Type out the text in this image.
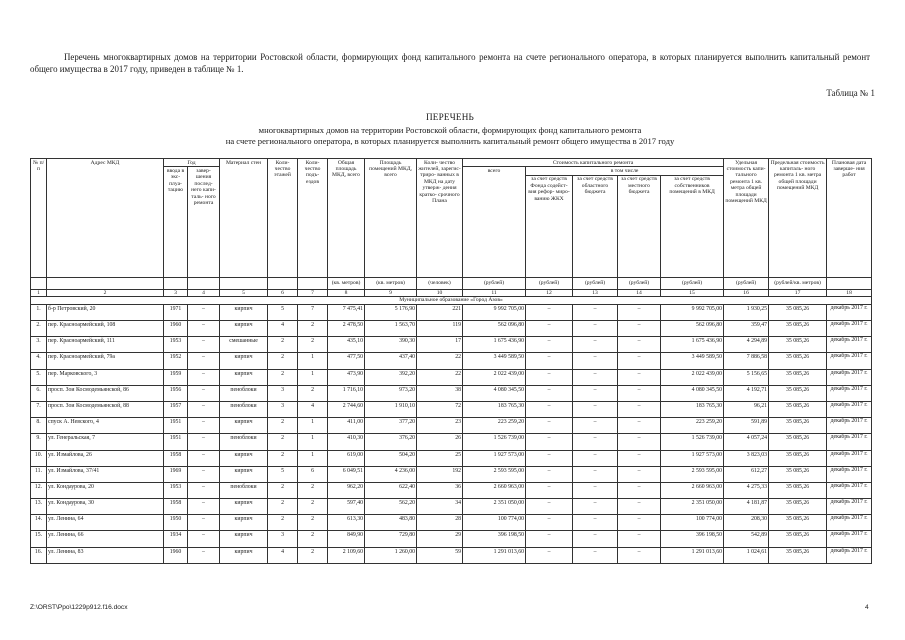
Перечень многоквартирных домов на территории Ростовской области, формирующих фонд капитального ремонта на счете регионального оператора, в которых планируется выполнить капитальный ремонт общего имущества в 2017 году, приведен в таблице № 1.

Таблица № 1

ПЕРЕЧЕНЬ

многоквартирных домов на территории Ростовской области, формирующих фонд капитального ремонта
на счете регионального оператора, в которых планируется выполнить капитальный ремонт общего имущества в 2017 году

№ п/п	Адрес МКД	Год		Материал стен	Коли- чество этажей	Коли- чество подъ- ездов	Общая площадь МКД, всего	Площадь помещений МКД, всего	Коли- чество жителей, зарегис- триро- ванных в МКД на дату утверж- дения кратко- срочного Плана	Стоимость капитального ремонта					Удельная стоимость капи- тального ремонта 1 кв. метра общей площади помещений МКД	Предельная стоимость капиталь- ного ремонта 1 кв. метра общей площади помещений МКД	Плановая дата заверше- ния работ
		ввода в экс- плуа- тацию	завер- шения послед- него капи- таль- ного ремонта							всего	в том числе						
											за счет средств Фонда содейст- вия рефор- миро- ванию ЖКХ	за счет средств областного бюджета	за счет средств местного бюджета	за счет средств собственников помещений в МКД			
							(кв. метров)	(кв. метров)	(человек)	(рублей)	(рублей)	(рублей)	(рублей)	(рублей)	(рублей)	(рублей/кв. метров)	
1	2	3	4	5	6	7	8	9	10	11	12	13	14	15	16	17	18
Муниципальное образование «Город Азов»																	
1.	б-р Петровский, 20	1971	–	кирпич	5	7	7 475,41	5 176,90	221	9 992 705,00	–	–	–	9 992 705,00	1 930,25	35 085,26	декабрь 2017 г.
2.	пер. Красноармейский, 108	1960	–	кирпич	4	2	2 478,50	1 563,70	119	562 096,80	–	–	–	562 096,80	359,47	35 085,26	декабрь 2017 г.
3.	пер. Красноармейский, 111	1953	–	смешанные	2	2	435,10	390,30	17	1 675 436,90	–	–	–	1 675 436,90	4 294,89	35 085,26	декабрь 2017 г.
4.	пер. Красноармейский, 79а	1952	–	кирпич	2	1	477,50	437,40	22	3 449 589,50	–	–	–	3 449 589,50	7 886,58	35 085,26	декабрь 2017 г.
5.	пер. Марковского, 3	1959	–	кирпич	2	1	473,90	392,20	22	2 022 439,00	–	–	–	2 022 439,00	5 156,65	35 085,26	декабрь 2017 г.
6.	просп. Зои Космодемьянской, 86	1956	–	пеноблоки	3	2	1 716,10	973,20	38	4 080 345,50	–	–	–	4 080 345,50	4 192,71	35 085,26	декабрь 2017 г.
7.	просп. Зои Космодемьянской, 88	1957	–	пеноблоки	3	4	2 744,60	1 910,10	72	183 765,30	–	–	–	183 765,30	96,21	35 085,26	декабрь 2017 г.
8.	спуск А. Невского, 4	1951	–	кирпич	2	1	411,00	377,20	23	223 259,20	–	–	–	223 259,20	591,89	35 085,26	декабрь 2017 г.
9.	ул. Генеральская, 7	1951	–	пеноблоки	2	1	410,30	376,20	26	1 526 739,00	–	–	–	1 526 739,00	4 057,24	35 085,26	декабрь 2017 г.
10.	ул. Измайлова, 26	1958	–	кирпич	2	1	619,00	504,20	25	1 927 573,00	–	–	–	1 927 573,00	3 823,03	35 085,26	декабрь 2017 г.
11.	ул. Измайлова, 37/41	1969	–	кирпич	5	6	6 049,51	4 236,00	192	2 593 595,00	–	–	–	2 593 595,00	612,27	35 085,26	декабрь 2017 г.
12.	ул. Кондаурова, 20	1953	–	пеноблоки	2	2	962,20	622,40	36	2 660 963,00	–	–	–	2 660 963,00	4 275,33	35 085,26	декабрь 2017 г.
13.	ул. Кондаурова, 30	1958	–	кирпич	2	2	597,40	562,20	34	2 351 050,00	–	–	–	2 351 050,00	4 181,87	35 085,26	декабрь 2017 г.
14.	ул. Ленина, 64	1950	–	кирпич	2	2	613,30	483,80	28	100 774,00	–	–	–	100 774,00	208,30	35 085,26	декабрь 2017 г.
15.	ул. Ленина, 66	1934	–	кирпич	3	2	849,90	729,80	29	396 198,50	–	–	–	396 198,50	542,89	35 085,26	декабрь 2017 г.
16.	ул. Ленина, 83	1960	–	кирпич	4	2	2 109,60	1 260,00	59	1 291 013,60	–	–	–	1 291 013,60	1 024,61	35 085,26	декабрь 2017 г.
Z:\ORST\Ppo\1229p912.f16.docx	4
